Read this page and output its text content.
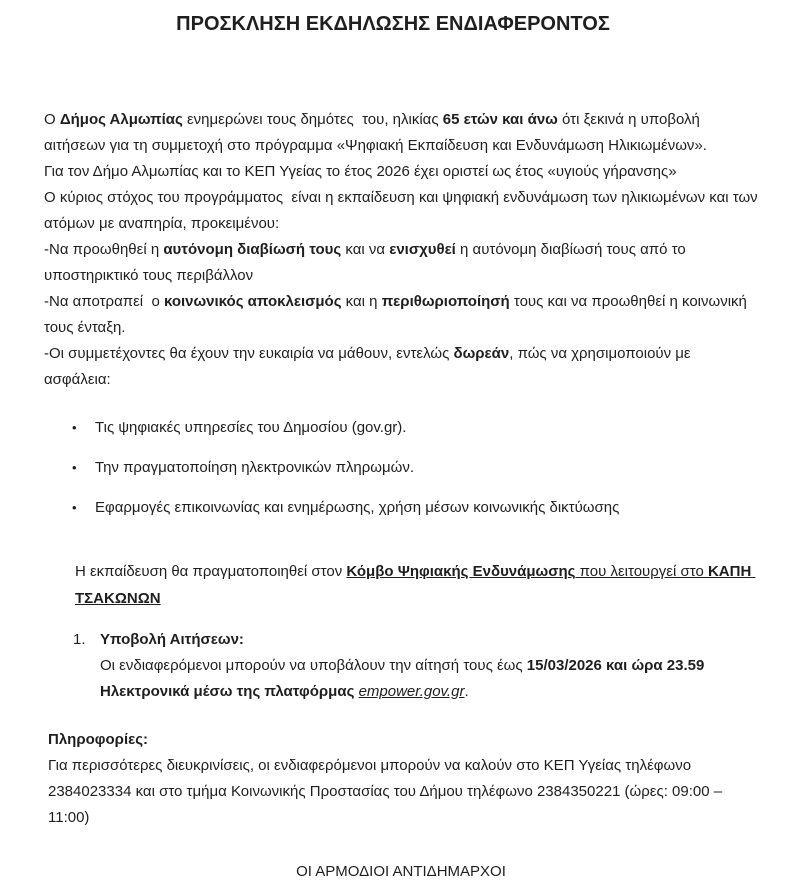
ΠΡΟΣΚΛΗΣΗ ΕΚΔΗΛΩΣΗΣ ΕΝΔΙΑΦΕΡΟΝΤΟΣ
Ο Δήμος Αλμωπίας ενημερώνει τους δημότες  του, ηλικίας 65 ετών και άνω ότι ξεκινά η υποβολή αιτήσεων για τη συμμετοχή στο πρόγραμμα «Ψηφιακή Εκπαίδευση και Ενδυνάμωση Ηλικιωμένων».
Για τον Δήμο Αλμωπίας και το ΚΕΠ Υγείας το έτος 2026 έχει οριστεί ως έτος «υγιούς γήρανσης»
Ο κύριος στόχος του προγράμματος  είναι η εκπαίδευση και ψηφιακή ενδυνάμωση των ηλικιωμένων και των ατόμων με αναπηρία, προκειμένου:
-Να προωθηθεί η αυτόνομη διαβίωσή τους και να ενισχυθεί η αυτόνομη διαβίωσή τους από το υποστηρικτικό τους περιβάλλον
-Να αποτραπεί  ο κοινωνικός αποκλεισμός και η περιθωριοποίησή τους και να προωθηθεί η κοινωνική τους ένταξη.
-Οι συμμετέχοντες θα έχουν την ευκαιρία να μάθουν, εντελώς δωρεάν, πώς να χρησιμοποιούν με ασφάλεια:
•	Τις ψηφιακές υπηρεσίες του Δημοσίου (gov.gr).
•	Την πραγματοποίηση ηλεκτρονικών πληρωμών.
•	Εφαρμογές επικοινωνίας και ενημέρωσης, χρήση μέσων κοινωνικής δικτύωσης
Η εκπαίδευση θα πραγματοποιηθεί στον Κόμβο Ψηφιακής Ενδυνάμωσης που λειτουργεί στο ΚΑΠΗ ΤΣΑΚΩΝΩΝ
1. Υποβολή Αιτήσεων:
Οι ενδιαφερόμενοι μπορούν να υποβάλουν την αίτησή τους έως 15/03/2026 και ώρα 23.59 Ηλεκτρονικά μέσω της πλατφόρμας empower.gov.gr.
Πληροφορίες:
Για περισσότερες διευκρινίσεις, οι ενδιαφερόμενοι μπορούν να καλούν στο ΚΕΠ Υγείας τηλέφωνο 2384023334 και στο τμήμα Κοινωνικής Προστασίας του Δήμου τηλέφωνο 2384350221 (ώρες: 09:00 – 11:00)
ΟΙ ΑΡΜΟΔΙΟΙ ΑΝΤΙΔΗΜΑΡΧΟΙ
